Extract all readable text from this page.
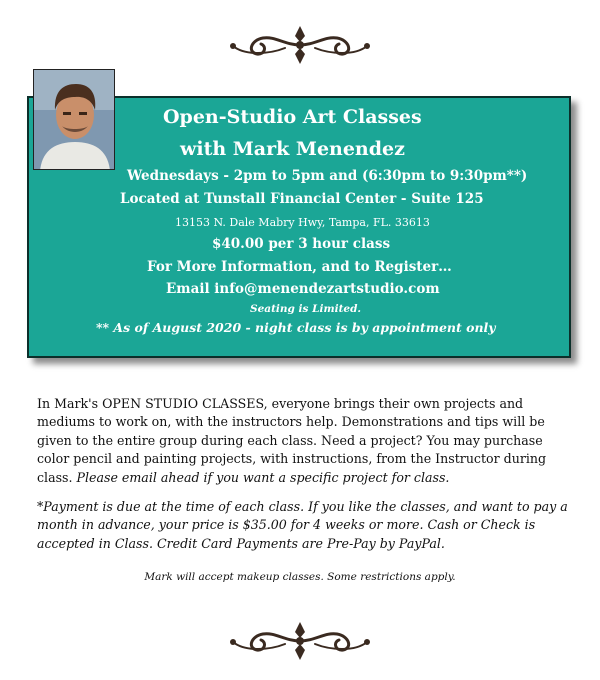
Open-Studio Art Classes
with Mark Menendez
Wednesdays - 2pm to 5pm and (6:30pm to 9:30pm**)
Located at Tunstall Financial Center - Suite 125
13153 N. Dale Mabry Hwy, Tampa, FL. 33613
$40.00 per 3 hour class
For More Information, and to Register…
Email info@menendezartstudio.com
Seating is Limited.
** As of August 2020 - night class is by appointment only
In Mark's OPEN STUDIO CLASSES, everyone brings their own projects and mediums to work on, with the instructors help. Demonstrations and tips will be given to the entire group during each class. Need a project? You may purchase color pencil and painting projects, with instructions, from the Instructor during class. Please email ahead if you want a specific project for class.
*Payment is due at the time of each class. If you like the classes, and want to pay a month in advance, your price is $35.00 for 4 weeks or more. Cash or Check is accepted in Class. Credit Card Payments are Pre-Pay by PayPal.
Mark will accept makeup classes. Some restrictions apply.
